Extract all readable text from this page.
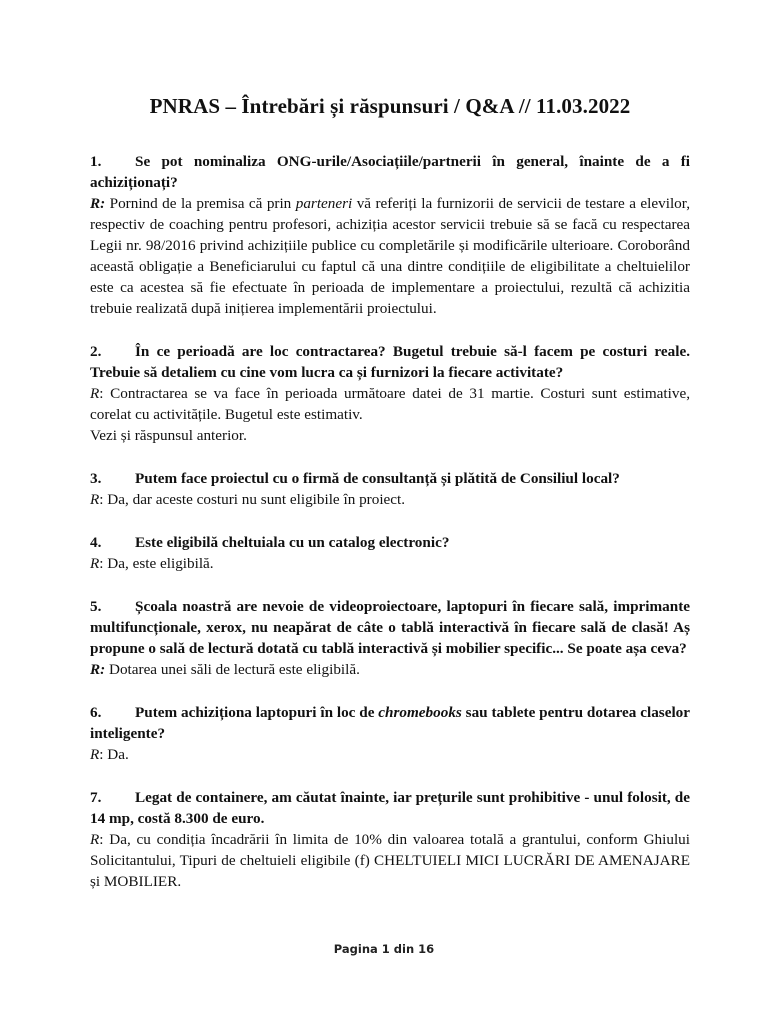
PNRAS – Întrebări și răspunsuri / Q&A // 11.03.2022

1. Se pot nominaliza ONG-urile/Asociațiile/partnerii în general, înainte de a fi achiziționați?

R: Pornind de la premisa că prin parteneri vă referiți la furnizorii de servicii de testare a elevilor, respectiv de coaching pentru profesori, achiziția acestor servicii trebuie să se facă cu respectarea Legii nr. 98/2016 privind achizițiile publice cu completările și modificările ulterioare. Coroborând această obligație a Beneficiarului cu faptul că una dintre condițiile de eligibilitate a cheltuielilor este ca acestea să fie efectuate în perioada de implementare a proiectului, rezultă că achizitia trebuie realizată după inițierea implementării proiectului.

2. În ce perioadă are loc contractarea? Bugetul trebuie să-l facem pe costuri reale. Trebuie să detaliem cu cine vom lucra ca și furnizori la fiecare activitate?

R: Contractarea se va face în perioada următoare datei de 31 martie. Costuri sunt estimative, corelat cu activitățile. Bugetul este estimativ.

Vezi și răspunsul anterior.

3. Putem face proiectul cu o firmă de consultanță și plătită de Consiliul local?

R: Da, dar aceste costuri nu sunt eligibile în proiect.

4. Este eligibilă cheltuiala cu un catalog electronic?

R: Da, este eligibilă.

5. Școala noastră are nevoie de videoproiectoare, laptopuri în fiecare sală, imprimante multifuncționale, xerox, nu neapărat de câte o tablă interactivă în fiecare sală de clasă! Aș propune o sală de lectură dotată cu tablă interactivă și mobilier specific... Se poate așa ceva?

R: Dotarea unei săli de lectură este eligibilă.

6. Putem achiziționa laptopuri în loc de chromebooks sau tablete pentru dotarea claselor inteligente?

R: Da.

7. Legat de containere, am căutat înainte, iar prețurile sunt prohibitive - unul folosit, de 14 mp, costă 8.300 de euro.

R: Da, cu condiția încadrării în limita de 10% din valoarea totală a grantului, conform Ghiului Solicitantului, Tipuri de cheltuieli eligibile (f) CHELTUIELI MICI LUCRĂRI DE AMENAJARE și MOBILIER.

Pagina 1 din 16
